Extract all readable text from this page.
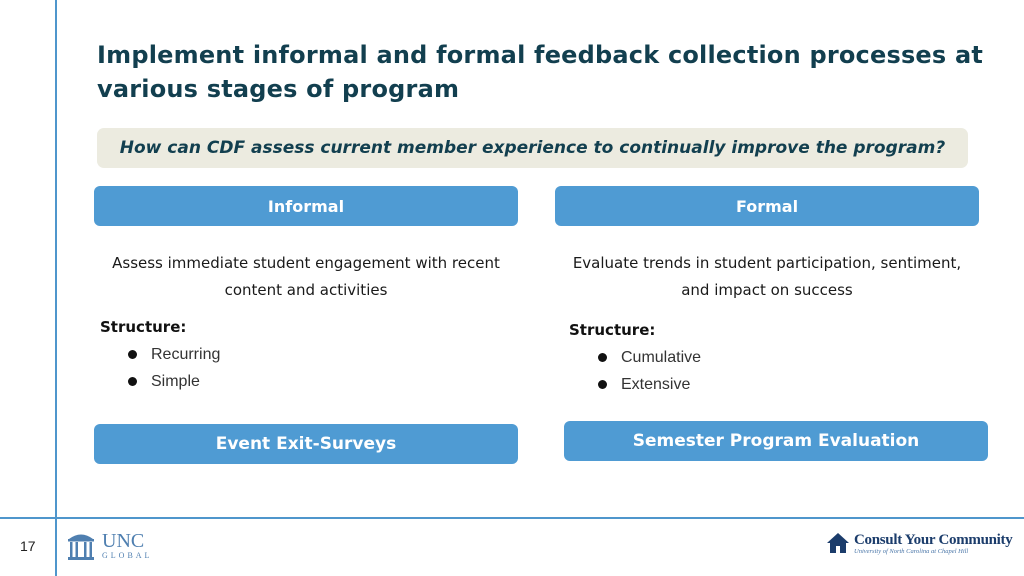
Implement informal and formal feedback collection processes at various stages of program
How can CDF assess current member experience to continually improve the program?
Informal

Assess immediate student engagement with recent content and activities

Structure:
Recurring
Simple
Event Exit-Surveys
Formal

Evaluate trends in student participation, sentiment, and impact on success

Structure:
Cumulative
Extensive
Semester Program Evaluation
17	UNC
GLOBAL
Consult Your Community
University of North Carolina at Chapel Hill
